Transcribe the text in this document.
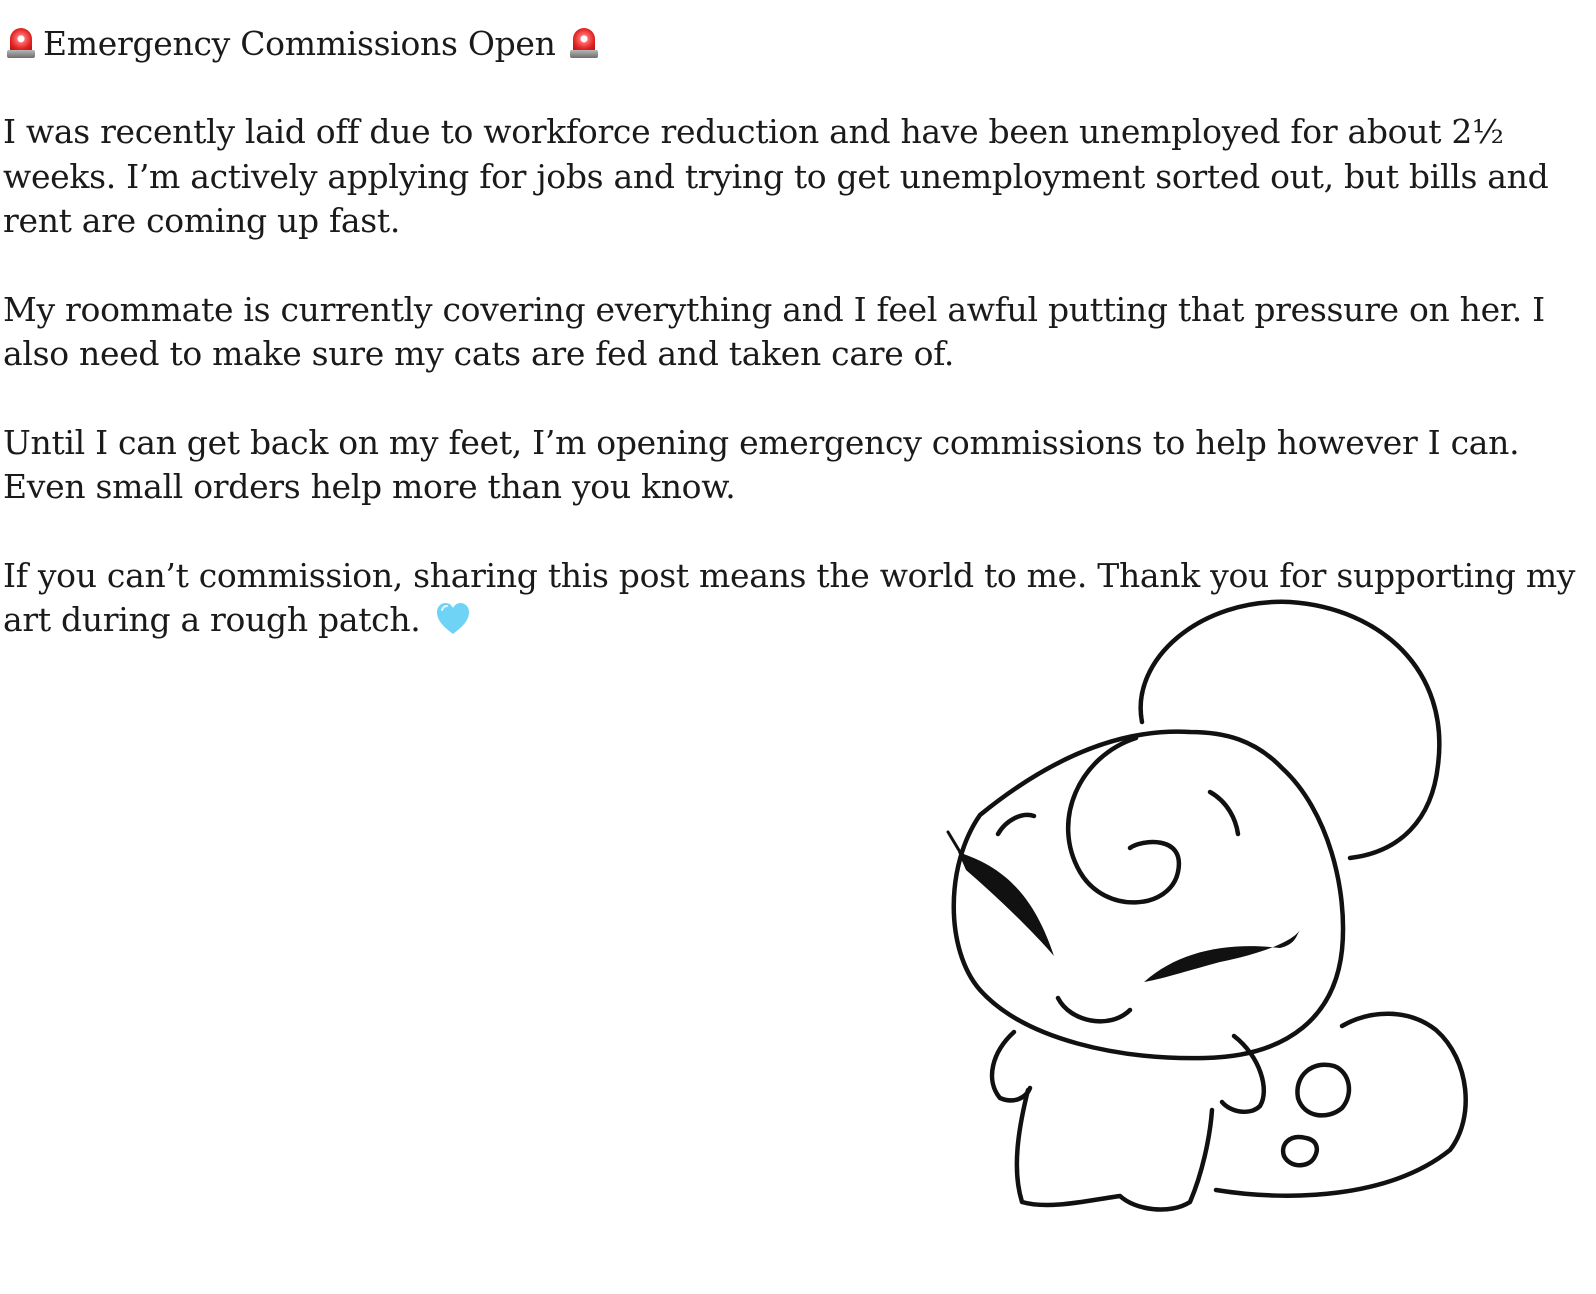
Emergency Commissions Open

I was recently laid off due to workforce reduction and have been unemployed for about 2½ weeks. I’m actively applying for jobs and trying to get unemployment sorted out, but bills and rent are coming up fast.

My roommate is currently covering everything and I feel awful putting that pressure on her. I also need to make sure my cats are fed and taken care of.

Until I can get back on my feet, I’m opening emergency commissions to help however I can. Even small orders help more than you know.

If you can’t commission, sharing this post means the world to me. Thank you for supporting my art during a rough patch.
